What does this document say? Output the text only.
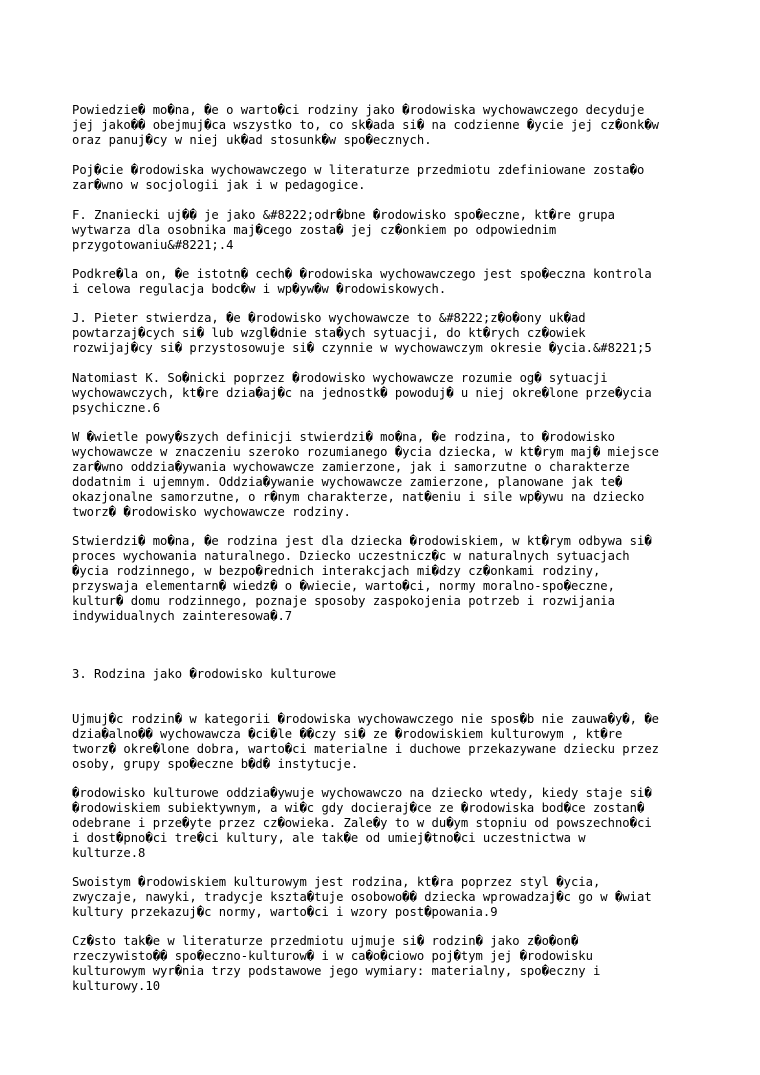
Powiedzie� mo�na, �e o warto�ci rodziny jako �rodowiska wychowawczego decyduje
jej jako�� obejmuj�ca wszystko to, co sk�ada si� na codzienne �ycie jej cz�onk�w
oraz panuj�cy w niej uk�ad stosunk�w spo�ecznych.

Poj�cie �rodowiska wychowawczego w literaturze przedmiotu zdefiniowane zosta�o
zar�wno w socjologii jak i w pedagogice.

F. Znaniecki uj�� je jako &#8222;odr�bne �rodowisko spo�eczne, kt�re grupa
wytwarza dla osobnika maj�cego zosta� jej cz�onkiem po odpowiednim
przygotowaniu&#8221;.4

Podkre�la on, �e istotn� cech� �rodowiska wychowawczego jest spo�eczna kontrola
i celowa regulacja bodc�w i wp�yw�w �rodowiskowych.

J. Pieter stwierdza, �e �rodowisko wychowawcze to &#8222;z�o�ony uk�ad
powtarzaj�cych si� lub wzgl�dnie sta�ych sytuacji, do kt�rych cz�owiek
rozwijaj�cy si� przystosowuje si� czynnie w wychowawczym okresie �ycia.&#8221;5

Natomiast K. So�nicki poprzez �rodowisko wychowawcze rozumie og� sytuacji
wychowawczych, kt�re dzia�aj�c na jednostk� powoduj� u niej okre�lone prze�ycia
psychiczne.6

W �wietle powy�szych definicji stwierdzi� mo�na, �e rodzina, to �rodowisko
wychowawcze w znaczeniu szeroko rozumianego �ycia dziecka, w kt�rym maj� miejsce
zar�wno oddzia�ywania wychowawcze zamierzone, jak i samorzutne o charakterze
dodatnim i ujemnym. Oddzia�ywanie wychowawcze zamierzone, planowane jak te�
okazjonalne samorzutne, o r�nym charakterze, nat�eniu i sile wp�ywu na dziecko
tworz� �rodowisko wychowawcze rodziny.

Stwierdzi� mo�na, �e rodzina jest dla dziecka �rodowiskiem, w kt�rym odbywa si�
proces wychowania naturalnego. Dziecko uczestnicz�c w naturalnych sytuacjach
�ycia rodzinnego, w bezpo�rednich interakcjach mi�dzy cz�onkami rodziny,
przyswaja elementarn� wiedz� o �wiecie, warto�ci, normy moralno-spo�eczne,
kultur� domu rodzinnego, poznaje sposoby zaspokojenia potrzeb i rozwijania
indywidualnych zainteresowa�.7

3. Rodzina jako �rodowisko kulturowe

Ujmuj�c rodzin� w kategorii �rodowiska wychowawczego nie spos�b nie zauwa�y�, �e
dzia�alno�� wychowawcza �ci�le ��czy si� ze �rodowiskiem kulturowym , kt�re
tworz� okre�lone dobra, warto�ci materialne i duchowe przekazywane dziecku przez
osoby, grupy spo�eczne b�d� instytucje.

�rodowisko kulturowe oddzia�ywuje wychowawczo na dziecko wtedy, kiedy staje si�
�rodowiskiem subiektywnym, a wi�c gdy docieraj�ce ze �rodowiska bod�ce zostan�
odebrane i prze�yte przez cz�owieka. Zale�y to w du�ym stopniu od powszechno�ci
i dost�pno�ci tre�ci kultury, ale tak�e od umiej�tno�ci uczestnictwa w
kulturze.8

Swoistym �rodowiskiem kulturowym jest rodzina, kt�ra poprzez styl �ycia,
zwyczaje, nawyki, tradycje kszta�tuje osobowo�� dziecka wprowadzaj�c go w �wiat
kultury przekazuj�c normy, warto�ci i wzory post�powania.9

Cz�sto tak�e w literaturze przedmiotu ujmuje si� rodzin� jako z�o�on�
rzeczywisto�� spo�eczno-kulturow� i w ca�o�ciowo poj�tym jej �rodowisku
kulturowym wyr�nia trzy podstawowe jego wymiary: materialny, spo�eczny i
kulturowy.10
